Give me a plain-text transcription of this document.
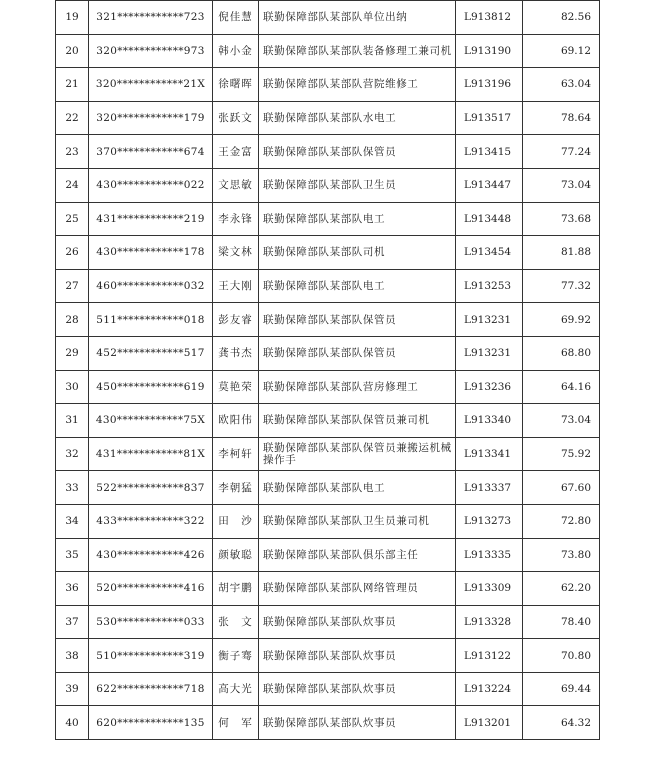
19	321************723	倪佳慧	联勤保障部队某部队单位出纳	L913812	82.56
20	320************973	韩小金	联勤保障部队某部队装备修理工兼司机	L913190	69.12
21	320************21X	徐曙晖	联勤保障部队某部队营院维修工	L913196	63.04
22	320************179	张跃文	联勤保障部队某部队水电工	L913517	78.64
23	370************674	王金富	联勤保障部队某部队保管员	L913415	77.24
24	430************022	文思敏	联勤保障部队某部队卫生员	L913447	73.04
25	431************219	李永锋	联勤保障部队某部队电工	L913448	73.68
26	430************178	梁文林	联勤保障部队某部队司机	L913454	81.88
27	460************032	王大刚	联勤保障部队某部队电工	L913253	77.32
28	511************018	彭友睿	联勤保障部队某部队保管员	L913231	69.92
29	452************517	龚书杰	联勤保障部队某部队保管员	L913231	68.80
30	450************619	莫艳荣	联勤保障部队某部队营房修理工	L913236	64.16
31	430************75X	欧阳伟	联勤保障部队某部队保管员兼司机	L913340	73.04
32	431************81X	李柯轩	联勤保障部队某部队保管员兼搬运机械操作手	L913341	75.92
33	522************837	李朝猛	联勤保障部队某部队电工	L913337	67.60
34	433************322	田　沙	联勤保障部队某部队卫生员兼司机	L913273	72.80
35	430************426	颜敏聪	联勤保障部队某部队俱乐部主任	L913335	73.80
36	520************416	胡宇鹏	联勤保障部队某部队网络管理员	L913309	62.20
37	530************033	张　文	联勤保障部队某部队炊事员	L913328	78.40
38	510************319	衡子骞	联勤保障部队某部队炊事员	L913122	70.80
39	622************718	高大光	联勤保障部队某部队炊事员	L913224	69.44
40	620************135	何　军	联勤保障部队某部队炊事员	L913201	64.32
